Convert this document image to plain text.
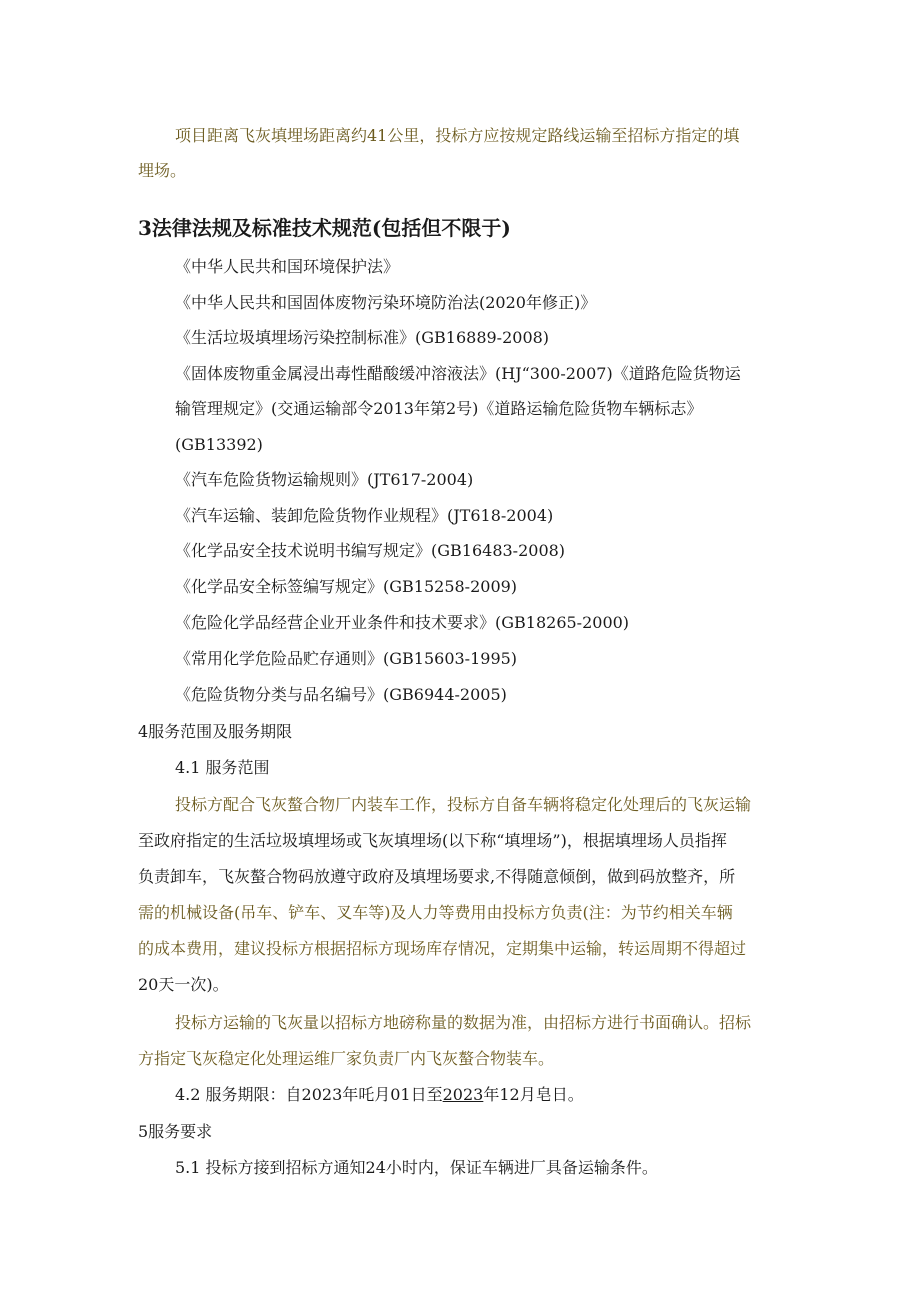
项目距离飞灰填埋场距离约41公里，投标方应按规定路线运输至招标方指定的填

埋场。

3法律法规及标准技术规范(包括但不限于)

《中华人民共和国环境保护法》

《中华人民共和国固体废物污染环境防治法(2020年修正)》

《生活垃圾填埋场污染控制标准》(GB16889-2008)

《固体废物重金属浸出毒性醋酸缓冲溶液法》(HJ“300-2007)《道路危险货物运

输管理规定》(交通运输部令2013年第2号)《道路运输危险货物车辆标志》

(GB13392)

《汽车危险货物运输规则》(JT617-2004)

《汽车运输、装卸危险货物作业规程》(JT618-2004)

《化学品安全技术说明书编写规定》(GB16483-2008)

《化学品安全标签编写规定》(GB15258-2009)

《危险化学品经营企业开业条件和技术要求》(GB18265-2000)

《常用化学危险品贮存通则》(GB15603-1995)

《危险货物分类与品名编号》(GB6944-2005)

4服务范围及服务期限

4.1 服务范围

投标方配合飞灰螯合物厂内装车工作，投标方自备车辆将稳定化处理后的飞灰运输

至政府指定的生活垃圾填埋场或飞灰填埋场(以下称“填埋场”)，根据填埋场人员指挥

负责卸车，飞灰螯合物码放遵守政府及填埋场要求,不得随意倾倒，做到码放整齐，所

需的机械设备(吊车、铲车、叉车等)及人力等费用由投标方负责(注：为节约相关车辆

的成本费用，建议投标方根据招标方现场库存情况，定期集中运输，转运周期不得超过

20天一次)。

投标方运输的飞灰量以招标方地磅称量的数据为准，由招标方进行书面确认。招标

方指定飞灰稳定化处理运维厂家负责厂内飞灰螯合物装车。

4.2 服务期限：自2023年吒月01日至2023年12月皂日。

5服务要求

5.1 投标方接到招标方通知24小时内，保证车辆进厂具备运输条件。
